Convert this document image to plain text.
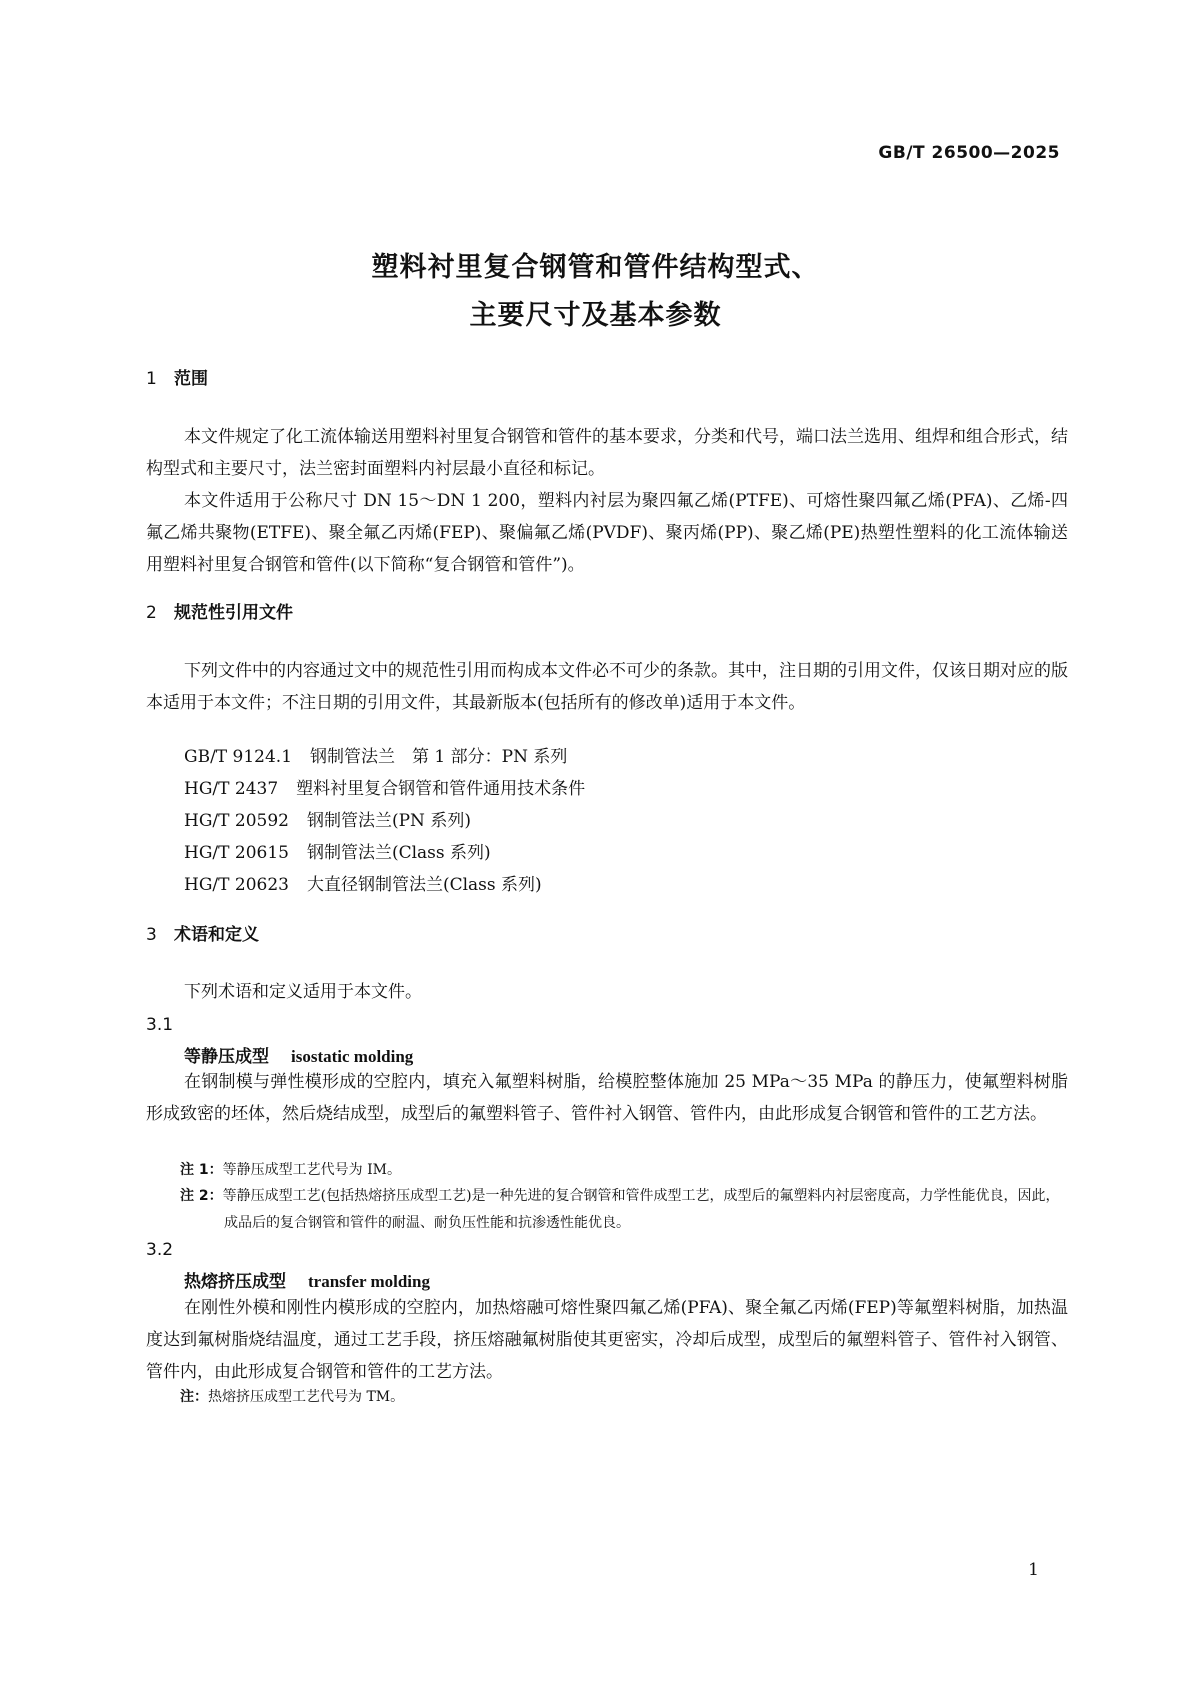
GB/T 26500—2025
塑料衬里复合钢管和管件结构型式、
主要尺寸及基本参数
1 范围
本文件规定了化工流体输送用塑料衬里复合钢管和管件的基本要求，分类和代号，端口法兰选用、组焊和组合形式，结构型式和主要尺寸，法兰密封面塑料内衬层最小直径和标记。
本文件适用于公称尺寸 DN 15～DN 1 200，塑料内衬层为聚四氟乙烯(PTFE)、可熔性聚四氟乙烯(PFA)、乙烯-四氟乙烯共聚物(ETFE)、聚全氟乙丙烯(FEP)、聚偏氟乙烯(PVDF)、聚丙烯(PP)、聚乙烯(PE)热塑性塑料的化工流体输送用塑料衬里复合钢管和管件(以下简称“复合钢管和管件”)。
2 规范性引用文件
下列文件中的内容通过文中的规范性引用而构成本文件必不可少的条款。其中，注日期的引用文件，仅该日期对应的版本适用于本文件；不注日期的引用文件，其最新版本(包括所有的修改单)适用于本文件。
GB/T 9124.1 钢制管法兰　第 1 部分：PN 系列
HG/T 2437 塑料衬里复合钢管和管件通用技术条件
HG/T 20592 钢制管法兰(PN 系列)
HG/T 20615 钢制管法兰(Class 系列)
HG/T 20623 大直径钢制管法兰(Class 系列)
3 术语和定义
下列术语和定义适用于本文件。
3.1
等静压成型 isostatic molding
在钢制模与弹性模形成的空腔内，填充入氟塑料树脂，给模腔整体施加 25 MPa～35 MPa 的静压力，使氟塑料树脂形成致密的坯体，然后烧结成型，成型后的氟塑料管子、管件衬入钢管、管件内，由此形成复合钢管和管件的工艺方法。
注 1：等静压成型工艺代号为 IM。
注 2：等静压成型工艺(包括热熔挤压成型工艺)是一种先进的复合钢管和管件成型工艺，成型后的氟塑料内衬层密度高，力学性能优良，因此，成品后的复合钢管和管件的耐温、耐负压性能和抗渗透性能优良。
3.2
热熔挤压成型 transfer molding
在刚性外模和刚性内模形成的空腔内，加热熔融可熔性聚四氟乙烯(PFA)、聚全氟乙丙烯(FEP)等氟塑料树脂，加热温度达到氟树脂烧结温度，通过工艺手段，挤压熔融氟树脂使其更密实，冷却后成型，成型后的氟塑料管子、管件衬入钢管、管件内，由此形成复合钢管和管件的工艺方法。
注：热熔挤压成型工艺代号为 TM。
1
